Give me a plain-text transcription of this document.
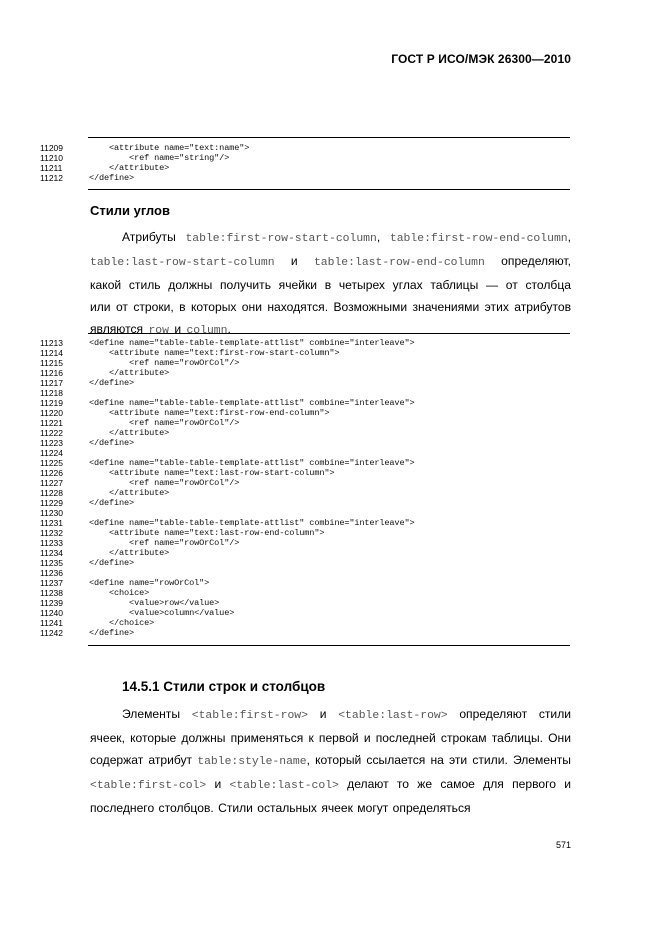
ГОСТ Р ИСО/МЭК 26300—2010
11209	<attribute name="text:name">
11210	<ref name="string"/>
11211	</attribute>
11212	</define>
Стили углов
Атрибуты table:first-row-start-column, table:first-row-end-column, table:last-row-start-column и table:last-row-end-column определяют, какой стиль должны получить ячейки в четырех углах таблицы — от столбца или от строки, в которых они находятся. Возможными значениями этих атрибутов являются row и column.
11213	<define name="table-table-template-attlist" combine="interleave">
11214	<attribute name="text:first-row-start-column">
11215	<ref name="rowOrCol"/>
11216	</attribute>
11217	</define>
11218
11219	<define name="table-table-template-attlist" combine="interleave">
11220	<attribute name="text:first-row-end-column">
11221	<ref name="rowOrCol"/>
11222	</attribute>
11223	</define>
11224
11225	<define name="table-table-template-attlist" combine="interleave">
11226	<attribute name="text:last-row-start-column">
11227	<ref name="rowOrCol"/>
11228	</attribute>
11229	</define>
11230
11231	<define name="table-table-template-attlist" combine="interleave">
11232	<attribute name="text:last-row-end-column">
11233	<ref name="rowOrCol"/>
11234	</attribute>
11235	</define>
11236
11237	<define name="rowOrCol">
11238	<choice>
11239	<value>row</value>
11240	<value>column</value>
11241	</choice>
11242	</define>
14.5.1 Стили строк и столбцов
Элементы <table:first-row> и <table:last-row> определяют стили ячеек, которые должны применяться к первой и последней строкам таблицы. Они содержат атрибут table:style-name, который ссылается на эти стили. Элементы <table:first-col> и <table:last-col> делают то же самое для первого и последнего столбцов. Стили остальных ячеек могут определяться
571
